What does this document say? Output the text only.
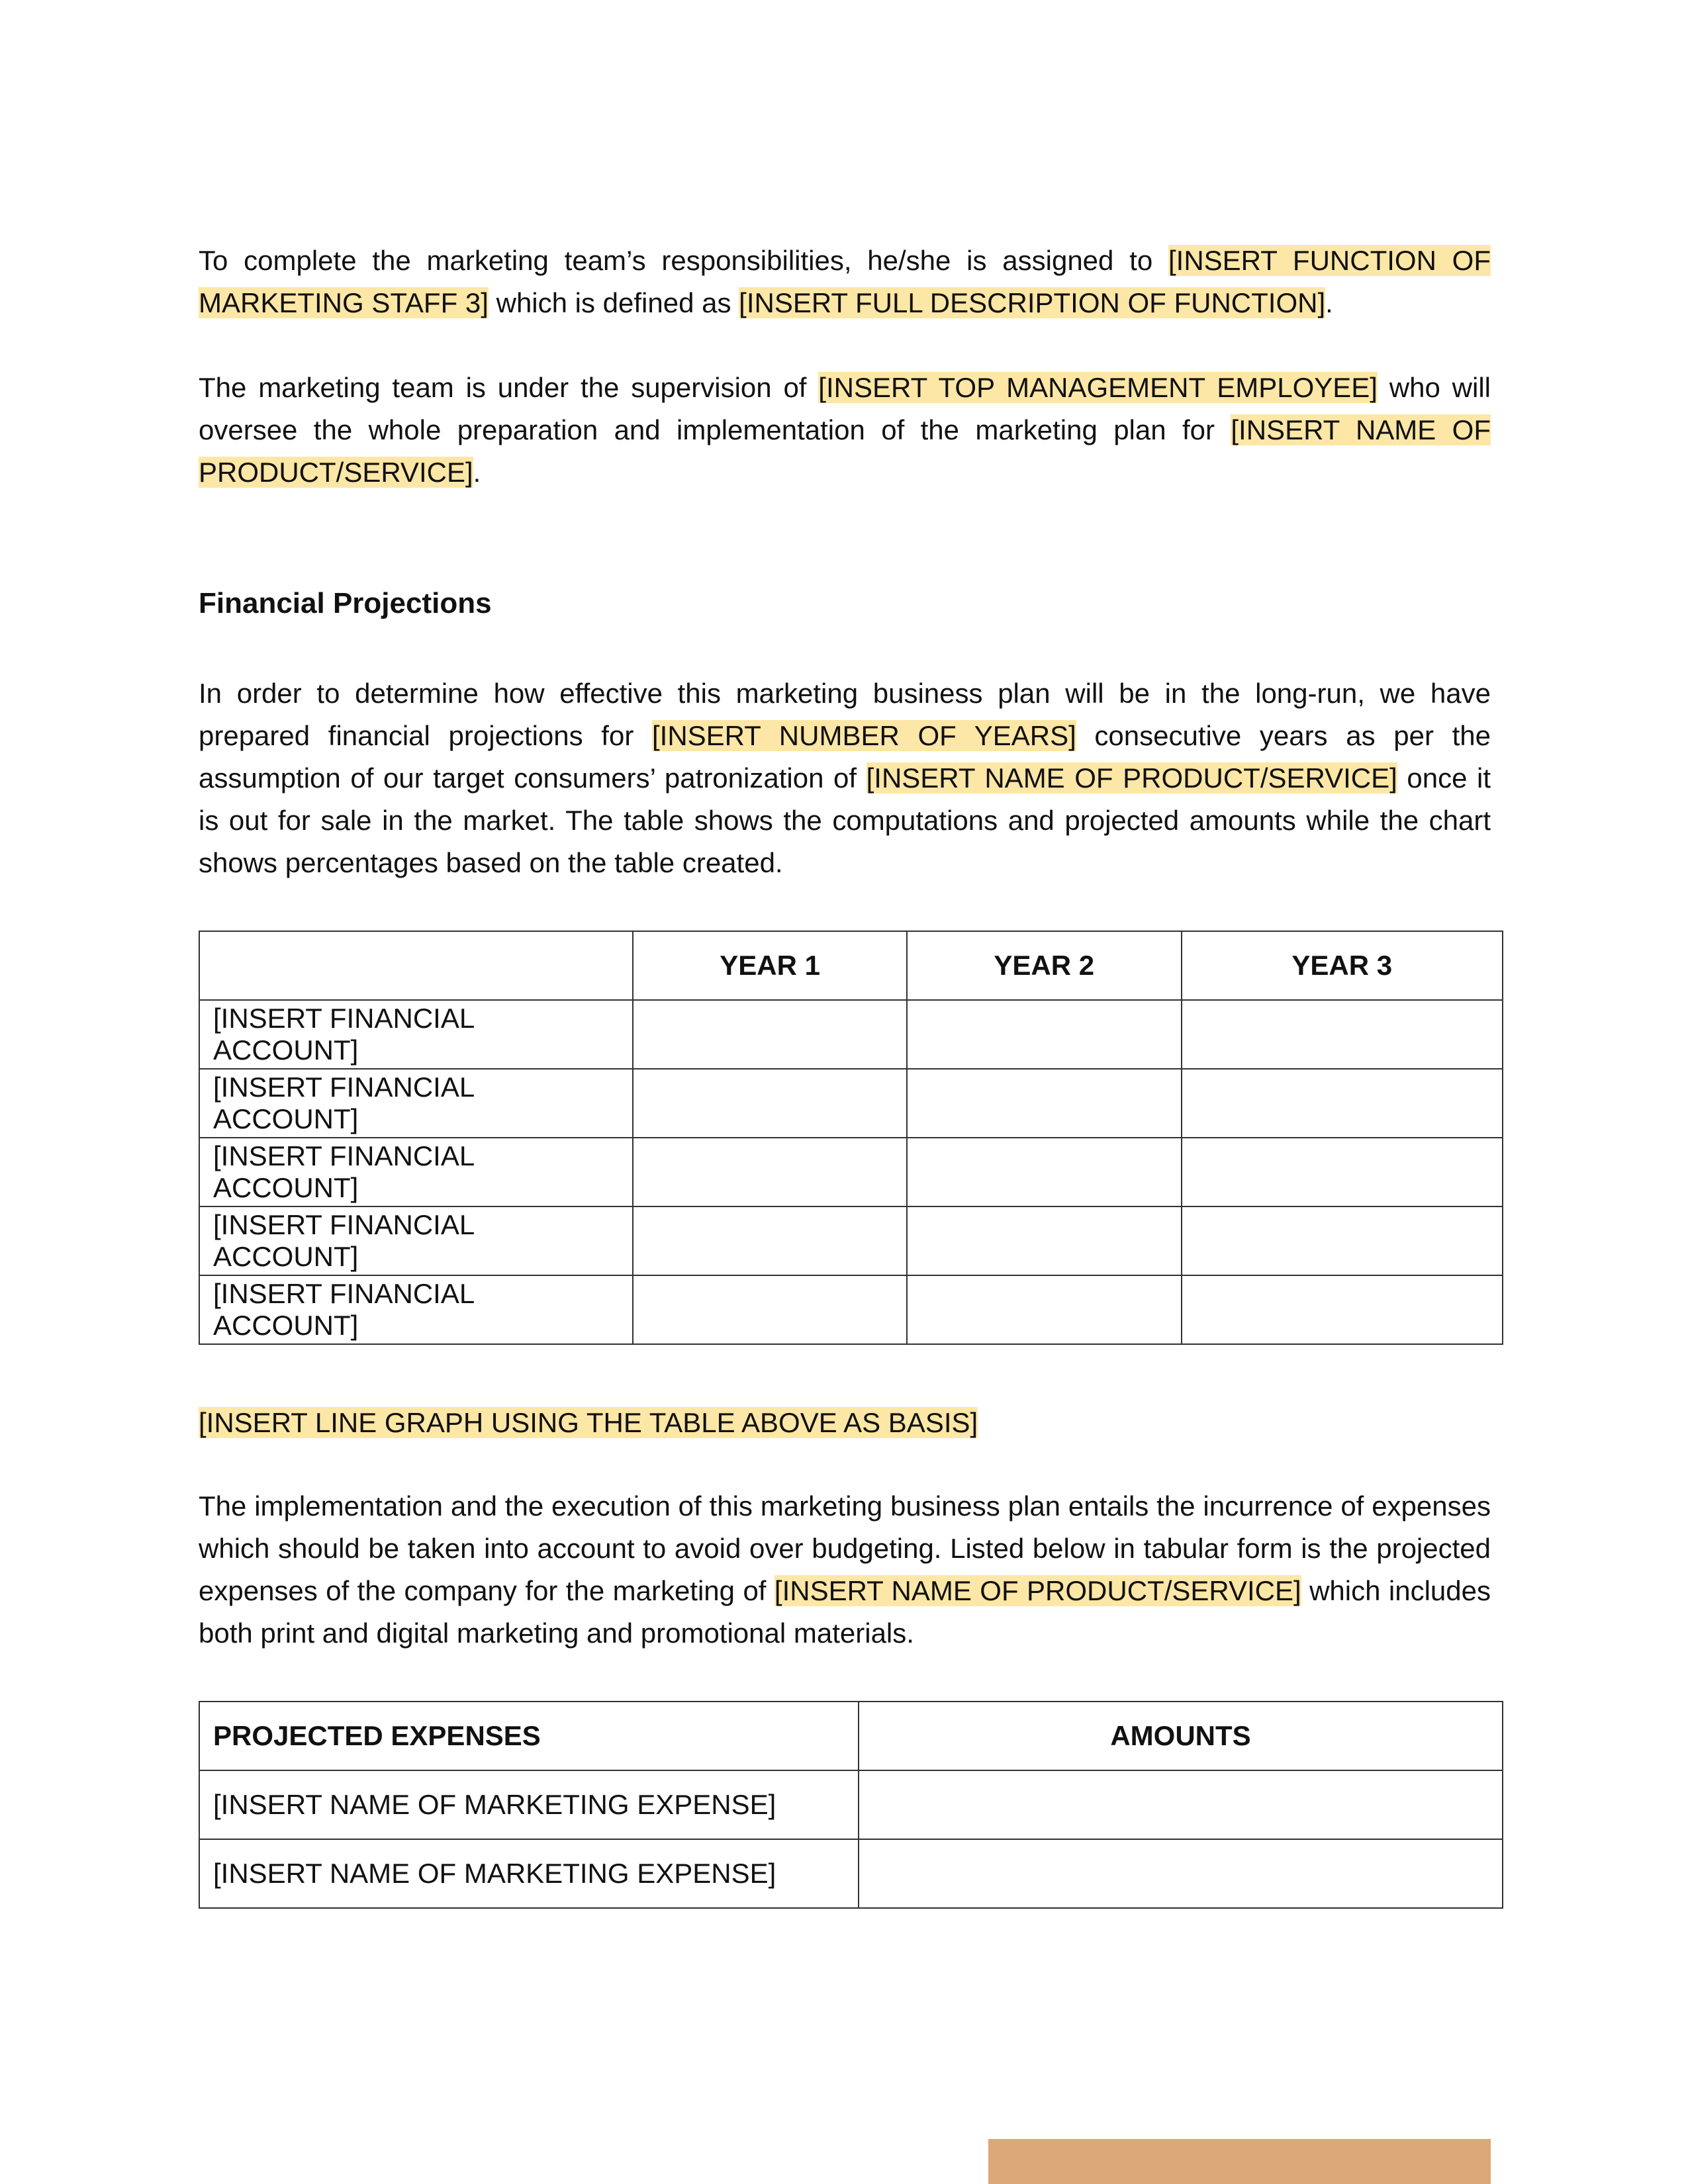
To complete the marketing team’s responsibilities, he/she is assigned to [INSERT FUNCTION OF MARKETING STAFF 3] which is defined as [INSERT FULL DESCRIPTION OF FUNCTION].

The marketing team is under the supervision of [INSERT TOP MANAGEMENT EMPLOYEE] who will oversee the whole preparation and implementation of the marketing plan for [INSERT NAME OF PRODUCT/SERVICE].

Financial Projections

In order to determine how effective this marketing business plan will be in the long-run, we have prepared financial projections for [INSERT NUMBER OF YEARS] consecutive years as per the assumption of our target consumers’ patronization of [INSERT NAME OF PRODUCT/SERVICE] once it is out for sale in the market. The table shows the computations and projected amounts while the chart shows percentages based on the table created.

	YEAR 1	YEAR 2	YEAR 3
[INSERT FINANCIAL ACCOUNT]			
[INSERT FINANCIAL ACCOUNT]			
[INSERT FINANCIAL ACCOUNT]			
[INSERT FINANCIAL ACCOUNT]			
[INSERT FINANCIAL ACCOUNT]			

[INSERT LINE GRAPH USING THE TABLE ABOVE AS BASIS]

The implementation and the execution of this marketing business plan entails the incurrence of expenses which should be taken into account to avoid over budgeting. Listed below in tabular form is the projected expenses of the company for the marketing of [INSERT NAME OF PRODUCT/SERVICE] which includes both print and digital marketing and promotional materials.

PROJECTED EXPENSES	AMOUNTS
[INSERT NAME OF MARKETING EXPENSE]	
[INSERT NAME OF MARKETING EXPENSE]	
